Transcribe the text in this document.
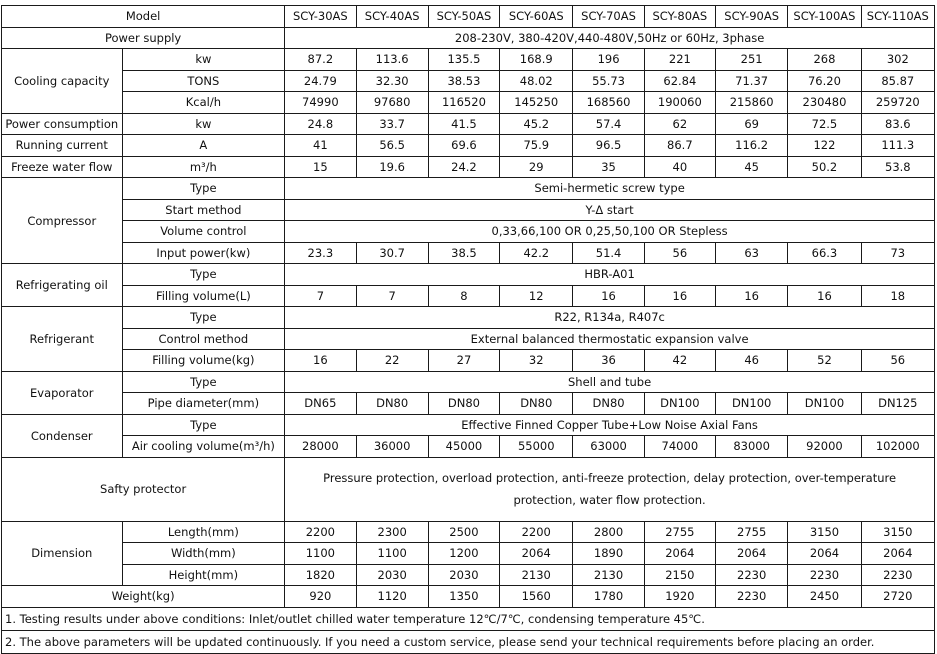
Model		SCY-30AS	SCY-40AS	SCY-50AS	SCY-60AS	SCY-70AS	SCY-80AS	SCY-90AS	SCY-100AS	SCY-110AS
Power supply		208-230V, 380-420V,440-480V,50Hz or 60Hz, 3phase								
Cooling capacity	kw	87.2	113.6	135.5	168.9	196	221	251	268	302
	TONS	24.79	32.30	38.53	48.02	55.73	62.84	71.37	76.20	85.87
	Kcal/h	74990	97680	116520	145250	168560	190060	215860	230480	259720
Power consumption	kw	24.8	33.7	41.5	45.2	57.4	62	69	72.5	83.6
Running current	A	41	56.5	69.6	75.9	96.5	86.7	116.2	122	111.3
Freeze water flow	m³/h	15	19.6	24.2	29	35	40	45	50.2	53.8
Compressor	Type	Semi-hermetic screw type								
	Start method	Y-Δ start								
	Volume control	0,33,66,100 OR 0,25,50,100 OR Stepless								
	Input power(kw)	23.3	30.7	38.5	42.2	51.4	56	63	66.3	73
Refrigerating oil	Type	HBR-A01								
	Filling volume(L)	7	7	8	12	16	16	16	16	18
Refrigerant	Type	R22, R134a, R407c								
	Control method	External balanced thermostatic expansion valve								
	Filling volume(kg)	16	22	27	32	36	42	46	52	56
Evaporator	Type	Shell and tube								
	Pipe diameter(mm)	DN65	DN80	DN80	DN80	DN80	DN100	DN100	DN100	DN125
Condenser	Type	Effective Finned Copper Tube+Low Noise Axial Fans								
	Air cooling volume(m³/h)	28000	36000	45000	55000	63000	74000	83000	92000	102000
Safty protector		Pressure protection, overload protection, anti-freeze protection, delay protection, over-temperature protection, water flow protection.								
Dimension	Length(mm)	2200	2300	2500	2200	2800	2755	2755	3150	3150
	Width(mm)	1100	1100	1200	2064	1890	2064	2064	2064	2064
	Height(mm)	1820	2030	2030	2130	2130	2150	2230	2230	2230
Weight(kg)		920	1120	1350	1560	1780	1920	2230	2450	2720
1. Testing results under above conditions: Inlet/outlet chilled water temperature 12℃/7℃, condensing temperature 45℃.										
2. The above parameters will be updated continuously. If you need a custom service, please send your technical requirements before placing an order.										
